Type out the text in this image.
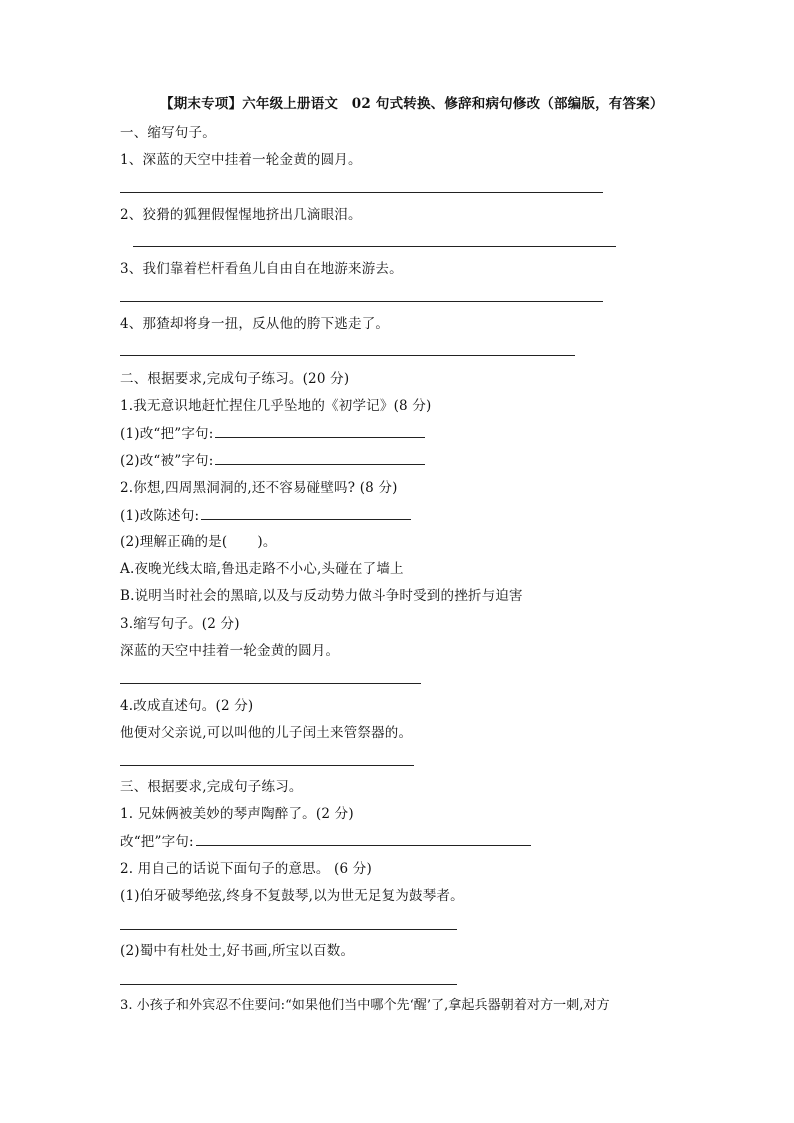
【期末专项】六年级上册语文　02 句式转换、修辞和病句修改（部编版，有答案）
一、缩写句子。
1、深蓝的天空中挂着一轮金黄的圆月。
2、狡猾的狐狸假惺惺地挤出几滴眼泪。
3、我们靠着栏杆看鱼儿自由自在地游来游去。
4、那猹却将身一扭，反从他的胯下逃走了。
二、根据要求,完成句子练习。(20 分)
1.我无意识地赶忙捏住几乎坠地的《初学记》(8 分)
(1)改“把”字句:
(2)改“被”字句:
2.你想,四周黑洞洞的,还不容易碰壁吗? (8 分)
(1)改陈述句:
(2)理解正确的是( )。
A.夜晚光线太暗,鲁迅走路不小心,头碰在了墙上
B.说明当时社会的黑暗,以及与反动势力做斗争时受到的挫折与迫害
3.缩写句子。(2 分)
深蓝的天空中挂着一轮金黄的圆月。
4.改成直述句。(2 分)
他便对父亲说,可以叫他的儿子闰土来管祭器的。
三、根据要求,完成句子练习。
1. 兄妹俩被美妙的琴声陶醉了。(2 分)
改“把”字句:
2. 用自己的话说下面句子的意思。 (6 分)
(1)伯牙破琴绝弦,终身不复鼓琴,以为世无足复为鼓琴者。
(2)蜀中有杜处士,好书画,所宝以百数。
3. 小孩子和外宾忍不住要问:“如果他们当中哪个先‘醒’了,拿起兵器朝着对方一刺,对方
